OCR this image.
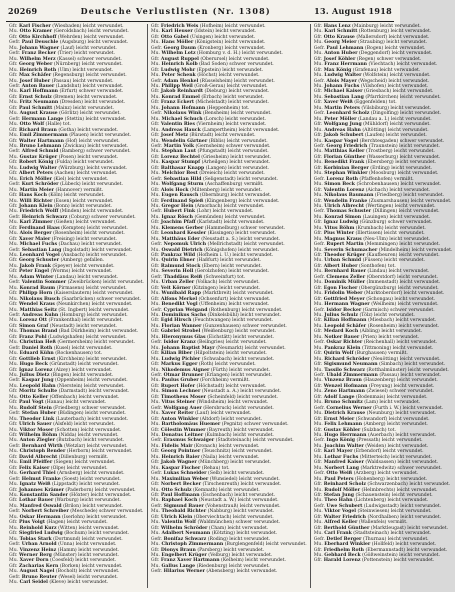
20269	Deutsche Verlustlisten (Nr. 1308)	13. August 1918
Gfr. Karl Fischer (Wiesbaden) leicht verwundet.
Mu. Otto Kramer (Geroldsbach) leicht verwundet.
Gfr. Otto Kirchhoff (Wehrden) leicht verwundet.
Gefr. Paul Deuschle (Augsburg) leicht verwundet.
Mu. Johann Wagner (Lauf) leicht verwundet.
Gefr. Franz Becker (Trier) leicht verwundet.
Mu. Wilhelm Merz (Kassel) schwer verwundet.
Gfr. Georg Weber (Nürnberg) leicht verwundet.
Mu. Heinrich Roth (Ulm) leicht verwundet.
Gfr. Max Schäfer (Regensburg) leicht verwundet.
Mu. Josef Huber (Passau) leicht verwundet.
Gefr. Anton Bauer (Landshut) leicht verwundet.
Mu. Karl Hoffmann (Erfurt) schwer verwundet.
Gfr. Ernst Schulz (Bremen) leicht verwundet.
Mu. Fritz Neumann (Dresden) leicht verwundet.
Gfr. Paul Schmitt (Mainz) leicht verwundet.
Mu. August Krause (Görlitz) leicht verwundet.
Gefr. Hermann Lange (Stettin) leicht verwundet.
Mu. Otto Wolf (Halle) tot.
Gfr. Richard Braun (Gotha) leicht verwundet.
Mu. Emil Zimmermann (Plauen) leicht verwundet.
Gfr. Walter Hartmann (Hof) leicht verwundet.
Mu. Bruno Lehmann (Zwickau) leicht verwundet.
Gefr. Alfred Schmid (Bamberg) schwer verwundet.
Mu. Gustav Krüger (Posen) leicht verwundet.
Gfr. Robert König (Fulda) leicht verwundet.
Mu. Ludwig Walter (Würzburg) leicht verwundet.
Gfr. Albert Peters (Aachen) leicht verwundet.
Mu. Erich Möller (Kiel) leicht verwundet.
Gefr. Kurt Schröder (Lübeck) leicht verwundet.
Mu. Martin Meier (Hannover) vermißt.
Gfr. Hans Koch (Köln) leicht verwundet.
Mu. Willi Richter (Essen) leicht verwundet.
Gfr. Johann Klein (Bonn) leicht verwundet.
Mu. Friedrich Wolff (Minden) leicht verwundet.
Gefr. Heinrich Schwarz (Coburg) schwer verwundet.
Mu. Karl Zimmer (Gießen) leicht verwundet.
Gfr. Ferdinand Haas (Kempten) leicht verwundet.
Mu. Alois Berger (Rosenheim) leicht verwundet.
Gfr. Xaver Maier (Freising) leicht verwundet.
Mu. Michael Fuchs (Dachau) leicht verwundet.
Gefr. Sebastian Lang (Ingolstadt) leicht verwundet.
Mu. Leonhard Vogel (Ansbach) leicht verwundet.
Gfr. Georg Schuster (Amberg) gefallen.
Mu. Jakob Frank (Speyer) leicht verwundet.
Gfr. Peter Engel (Worms) leicht verwundet.
Mu. Adam Winter (Landau) leicht verwundet.
Gefr. Valentin Sommer (Zweibrücken) leicht verwundet.
Mu. Konrad Baum (Pirmasens) leicht verwundet.
Gfr. Philipp Horn (Kaiserslautern) leicht verwundet.
Mu. Nikolaus Busch (Saarbrücken) schwer verwundet.
Gfr. Wendel Kraus (Neunkirchen) leicht verwundet.
Mu. Matthias Seitz (St. Ingbert) leicht verwundet.
Gefr. Andreas Kuhn (Homburg) leicht verwundet.
Mu. Lorenz Ott (Frankenthal) leicht verwundet.
Gfr. Simon Graf (Neustadt) leicht verwundet.
Mu. Thomas Brand (Bad Dürkheim) leicht verwundet.
Gfr. Franz Pohl (Ludwigshafen) leicht verwundet.
Mu. Christian Heß (Germersheim) leicht verwundet.
Gefr. Daniel Roth (Kusel) leicht verwundet.
Mu. Eduard Kühn (Rockenhausen) tot.
Gfr. Gottlieb Ernst (Kirchheim) leicht verwundet.
Mu. Hugo Beck (Grünstadt) leicht verwundet.
Gfr. Ignaz Lorenz (Alzey) leicht verwundet.
Mu. Julius Dietz (Bingen) leicht verwundet.
Gefr. Kaspar Jung (Oppenheim) leicht verwundet.
Mu. Leopold Hahn (Nierstein) leicht verwundet.
Gfr. Moritz Schulte (Darmstadt) leicht verwundet.
Mu. Otto Keller (Offenbach) leicht verwundet.
Gfr. Paul Vogt (Hanau) leicht verwundet.
Mu. Rudolf Stein (Friedberg) schwer verwundet.
Gefr. Stefan Huber (Büdingen) leicht verwundet.
Mu. Theodor Link (Lauterbach) leicht verwundet.
Gfr. Ulrich Sauer (Alsfeld) leicht verwundet.
Mu. Viktor Moser (Schotten) leicht verwundet.
Gfr. Wilhelm Böhm (Nidda) leicht verwundet.
Mu. Anton Ziegler (Butzbach) leicht verwundet.
Gefr. Bernhard Wirth (Wetzlar) leicht verwundet.
Mu. Christoph Bender (Herborn) leicht verwundet.
Gfr. David Albrecht (Dillenburg) vermißt.
Mu. Emil Pfeiffer (Siegen) leicht verwundet.
Gfr. Felix Kaiser (Olpe) leicht verwundet.
Mu. Gerhard Thiel (Arnsberg) leicht verwundet.
Gefr. Helmut Franke (Soest) leicht verwundet.
Mu. Ignatz Weiß (Lippstadt) leicht verwundet.
Gfr. Johannes Krämer (Paderborn) leicht verwundet.
Mu. Konstantin Sander (Höxter) leicht verwundet.
Gfr. Lothar Bauer (Warburg) leicht verwundet.
Mu. Manfred Oswald (Brilon) leicht verwundet.
Gefr. Norbert Schreiber (Meschede) schwer verwundet.
Mu. Oskar Hermann (Iserlohn) leicht verwundet.
Gfr. Pius Voigt (Hagen) leicht verwundet.
Mu. Reinhold Kurz (Witten) leicht verwundet.
Gfr. Siegfried Ludwig (Bochum) leicht verwundet.
Mu. Tobias Stark (Dortmund) leicht verwundet.
Gefr. Urban Arnold (Unna) leicht verwundet.
Mu. Vinzenz Heinz (Hamm) leicht verwundet.
Gfr. Werner Berg (Münster) leicht verwundet.
Mu. Xaver Dorn (Coesfeld) leicht verwundet.
Gfr. Zacharias Kern (Borken) leicht verwundet.
Mu. August Nagel (Bocholt) leicht verwundet.
Gefr. Bruno Reuter (Wesel) leicht verwundet.
Mu. Carl Seidel (Kleve) leicht verwundet.
Gfr. Friedrich Weis (Hofheim) leicht verwundet.
Mu. Karl Heuser (Idstein) leicht verwundet.
Gfr. Otto Gabel (Usingen) leicht verwundet.
Mu. Hans Möller (Königstein) leicht verwundet.
Gefr. Georg Daum (Kronberg) leicht verwundet.
Mu. Wilhelm Lotz (Homburg v. d. H.) leicht verwundet.
Gfr. August Ruppel (Oberursel) leicht verwundet.
Mu. Heinrich Kolb (Bad Soden) schwer verwundet.
Gfr. Ludwig Mohr (Eppstein) leicht verwundet.
Mu. Peter Schenk (Höchst) leicht verwundet.
Gefr. Adam Henkel (Rüsselsheim) leicht verwundet.
Mu. Philipp Weil (Groß-Gerau) leicht verwundet.
Gfr. Jakob Reinhardt (Dieburg) leicht verwundet.
Mu. Konrad Emmel (Erbach) leicht verwundet.
Gfr. Franz Eckert (Michelstadt) leicht verwundet.
Mu. Johann Hofmann (Heppenheim) tot.
Gefr. Nikolaus Wink (Bensheim) leicht verwundet.
Mu. Michael Schuch (Lorsch) leicht verwundet.
Gfr. Valentin Ries (Viernheim) leicht verwundet.
Mu. Andreas Hauck (Lampertheim) leicht verwundet.
Gfr. Josef Metz (Bürstadt) leicht verwundet.
Mu. Wendelin Gärtner (Biblis) leicht verwundet.
Gefr. Martin Volk (Gernsheim) schwer verwundet.
Mu. Stephan Laut (Pfungstadt) leicht verwundet.
Gfr. Lorenz Bechtel (Griesheim) leicht verwundet.
Mu. Kaspar Stumpf (Arheilgen) leicht verwundet.
Gfr. Balthasar Knapp (Langen) leicht verwundet.
Mu. Melchior Best (Dreieich) leicht verwundet.
Gefr. Sebastian Hild (Seligenstadt) leicht verwundet.
Mu. Wolfgang Sturm (Aschaffenburg) vermißt.
Gfr. Alois Hock (Miltenberg) leicht verwundet.
Mu. Eugen Rausch (Obernburg) leicht verwundet.
Gfr. Ferdinand Spieß (Klingenberg) leicht verwundet.
Mu. Gregor Hein (Amorbach) leicht verwundet.
Gefr. Hubert Fink (Lohr) leicht verwundet.
Mu. Ignaz Rösch (Gemünden) leicht verwundet.
Gfr. Joachim Pfaff (Karlstadt) leicht verwundet.
Mu. Klemens Gerber (Hammelburg) schwer verwundet.
Gfr. Leonhard Kessler (Kissingen) leicht verwundet.
Mu. Matthäus Eder (Neustadt a. S.) leicht verwundet.
Gefr. Nepomuk Ulrich (Mellrichstadt) leicht verwundet.
Mu. Oswald Dietrich (Königshofen) leicht verwundet.
Gfr. Pankraz Wild (Hofheim i. U.) leicht verwundet.
Mu. Quirin Ebner (Haßfurt) leicht verwundet.
Gfr. Raimund Stock (Ebern) leicht verwundet.
Mu. Severin Holl (Gerolzhofen) leicht verwundet.
Gefr. Thaddäus Reiß (Schweinfurt) tot.
Mu. Urban Zeller (Volkach) leicht verwundet.
Gfr. Veit Körner (Kitzingen) leicht verwundet.
Mu. Wunibald Rapp (Marktbreit) leicht verwundet.
Gfr. Alfons Merkel (Ochsenfurt) leicht verwundet.
Mu. Benedikt Vogl (Uffenheim) leicht verwundet.
Gefr. Cyprian Weigand (Rothenburg) leicht verwundet.
Mu. Dominikus Sachs (Dinkelsbühl) leicht verwundet.
Gfr. Egid Hirsch (Feuchtwangen) leicht verwundet.
Mu. Florian Wanner (Gunzenhausen) schwer verwundet.
Gfr. Gabriel Strobel (Weißenburg) leicht verwundet.
Mu. Hieronymus Glas (Eichstätt) leicht verwundet.
Gefr. Isidor Kranz (Beilngries) leicht verwundet.
Mu. Johann Baptist Mayr (Neumarkt) leicht verwundet.
Gfr. Kilian Biber (Hilpoltstein) leicht verwundet.
Mu. Ludwig Pichler (Schwabach) leicht verwundet.
Gfr. Markus Egger (Roth) leicht verwundet.
Mu. Nikodemus Aigner (Fürth) leicht verwundet.
Gefr. Otmar Brunner (Erlangen) leicht verwundet.
Mu. Paulus Gruber (Forchheim) vermißt.
Gfr. Rupert Hofer (Höchstadt) leicht verwundet.
Mu. Simon Lechner (Neustadt a. A.) leicht verwundet.
Gfr. Timotheus Moser (Scheinfeld) leicht verwundet.
Mu. Vitus Steiner (Windsheim) leicht verwundet.
Gefr. Wolfgang Auer (Hersbruck) leicht verwundet.
Mu. Xaver Reiter (Lauf) leicht verwundet.
Gfr. Anton Winkler (Altdorf) leicht verwundet.
Mu. Bartholomäus Huemer (Pegnitz) schwer verwundet.
Gfr. Cölestin Wimmer (Bayreuth) leicht verwundet.
Mu. Donatus Leitner (Kulmbach) leicht verwundet.
Gefr. Erasmus Schwaiger (Stadtsteinach) leicht verwundet.
Mu. Fidelis Mair (Kronach) leicht verwundet.
Gfr. Georg Pointner (Teuschnitz) leicht verwundet.
Mu. Heinrich Baier (Naila) leicht verwundet.
Gfr. Jakob Wagner (Münchberg) leicht verwundet.
Mu. Kaspar Fischer (Rehau) tot.
Gefr. Lukas Schneider (Selb) leicht verwundet.
Mu. Maximilian Weber (Wunsiedel) leicht verwundet.
Gfr. Norbert Becker (Tirschenreuth) leicht verwundet.
Mu. Otto Schulz (Kemnath) leicht verwundet.
Gfr. Paul Hoffmann (Eschenbach) leicht verwundet.
Mu. Raphael Koch (Neustadt a. W.) leicht verwundet.
Gefr. Sigmund Bauer (Vohenstrauß) leicht verwundet.
Mu. Theobald Richter (Nabburg) leicht verwundet.
Gfr. Ulrich Klein (Oberviechtach) leicht verwundet.
Mu. Valentin Wolf (Waldmünchen) schwer verwundet.
Gfr. Wilhelm Schröder (Cham) leicht verwundet.
Mu. Adalbert Neumann (Kötzting) leicht verwundet.
Gefr. Bonifaz Schwarz (Roding) leicht verwundet.
Mu. Christoph Zimmermann (Burglengenfeld) leicht verwundet.
Gfr. Dionys Braun (Parsberg) leicht verwundet.
Mu. Engelbert Krüger (Velburg) leicht verwundet.
Gfr. Franz Xaver Hartmann (Kelheim) leicht verwundet.
Mu. Gallus Lange (Riedenburg) leicht verwundet.
Gefr. Hilarius Werner (Abensberg) leicht verwundet.
Gfr. Hans Lenz (Mainburg) leicht verwundet.
Mu. Karl Schmitt (Rottenburg) leicht verwundet.
Gfr. Otto Krause (Mallersdorf) leicht verwundet.
Mu. Georg Meier (Straubing) leicht verwundet.
Gefr. Paul Lehmann (Bogen) leicht verwundet.
Mu. Anton Huber (Deggendorf) leicht verwundet.
Gfr. Josef Köhler (Regen) schwer verwundet.
Mu. Franz Herrmann (Viechtach) leicht verwundet.
Gfr. Max König (Grafenau) leicht verwundet.
Mu. Ludwig Walter (Wolfstein) leicht verwundet.
Gefr. Alois Mayer (Wegscheid) leicht verwundet.
Mu. Johann Fuchs (Vilshofen) leicht verwundet.
Gfr. Michael Kaiser (Griesbach) leicht verwundet.
Mu. Sebastian Lang (Pfarrkirchen) leicht verwundet.
Gfr. Xaver Weiß (Eggenfelden) tot.
Mu. Martin Peters (Vilsbiburg) leicht verwundet.
Gefr. Leonhard Scholz (Dingolfing) leicht verwundet.
Mu. Peter Möller (Landau a. I.) leicht verwundet.
Gfr. Wolfgang Jung (Mühldorf) leicht verwundet.
Mu. Andreas Hahn (Altötting) leicht verwundet.
Gfr. Jakob Schubert (Laufen) leicht verwundet.
Mu. Kaspar Vogel (Berchtesgaden) schwer verwundet.
Gefr. Georg Friedrich (Traunstein) leicht verwundet.
Mu. Matthias Keller (Trostberg) leicht verwundet.
Gfr. Florian Günther (Wasserburg) leicht verwundet.
Mu. Benedikt Frank (Ebersberg) leicht verwundet.
Gfr. Korbinian Berger (Erding) leicht verwundet.
Mu. Stephan Winkler (Moosburg) leicht verwundet.
Gefr. Lorenz Roth (Pfaffenhofen) vermißt.
Mu. Simon Beck (Schrobenhausen) leicht verwundet.
Gfr. Valentin Lorenz (Aichach) leicht verwundet.
Mu. Nikolaus Baumann (Friedberg) leicht verwundet.
Gfr. Wendelin Franke (Zusmarshausen) leicht verwundet.
Mu. Ulrich Albrecht (Wertingen) leicht verwundet.
Gefr. Thomas Schuster (Dillingen) leicht verwundet.
Mu. Konrad Simon (Lauingen) leicht verwundet.
Gfr. Ignaz Ludwig (Günzburg) schwer verwundet.
Mu. Vitus Böhm (Krumbach) leicht verwundet.
Gfr. Pius Winter (Illertissen) leicht verwundet.
Mu. Magnus Kraus (Neu-Ulm) leicht verwundet.
Gefr. Rupert Martin (Memmingen) leicht verwundet.
Mu. Severin Schumacher (Mindelheim) leicht verwundet.
Gfr. Theodor Krüger (Kaufbeuren) leicht verwundet.
Mu. Urban Schmid (Füssen) leicht verwundet.
Gfr. Albert Huber (Sonthofen) tot.
Mu. Bernhard Bauer (Lindau) leicht verwundet.
Gefr. Clemens Zeller (Oberstdorf) leicht verwundet.
Mu. Dominik Müller (Immenstadt) leicht verwundet.
Gfr. Egon Fischer (Obergünzburg) leicht verwundet.
Mu. Fridolin Weber (Marktoberdorf) leicht verwundet.
Gfr. Gottfried Meyer (Schongau) leicht verwundet.
Mu. Hermann Wagner (Weilheim) leicht verwundet.
Gefr. Isidor Becker (Garmisch) schwer verwundet.
Mu. Julius Schulz (Tölz) leicht verwundet.
Gfr. Kilian Hoffmann (Miesbach) leicht verwundet.
Mu. Leopold Schäfer (Rosenheim) leicht verwundet.
Gfr. Medard Koch (Aibling) leicht verwundet.
Mu. Notker Bauer (Prien) leicht verwundet.
Gefr. Oskar Richter (Reichenhall) leicht verwundet.
Mu. Pankraz Klein (Tittmoning) leicht verwundet.
Gfr. Quirin Wolf (Burghausen) vermißt.
Mu. Richard Schröder (Neuötting) leicht verwundet.
Gfr. Sigismund Neumann (Simbach) leicht verwundet.
Mu. Tassilo Schwarz (Rotthalmünster) leicht verwundet.
Gefr. Ubald Zimmermann (Passau) leicht verwundet.
Mu. Vinzenz Braun (Hauzenberg) leicht verwundet.
Gfr. Wenzel Hofmann (Freyung) leicht verwundet.
Mu. Zeno Hartmann (Zwiesel) schwer verwundet.
Gfr. Adolf Lange (Bodenmais) leicht verwundet.
Mu. Bruno Schmitz (Lam) leicht verwundet.
Gefr. Cornelius Werner (Furth i. W.) leicht verwundet.
Mu. Dietrich Krause (Neunburg) leicht verwundet.
Gfr. Ernst Meier (Schwandorf) leicht verwundet.
Mu. Felix Lehmann (Amberg) leicht verwundet.
Gfr. Gustav Köhler (Sulzbach) tot.
Mu. Hugo Herrmann (Auerbach) leicht verwundet.
Gefr. Ingo König (Pressath) leicht verwundet.
Mu. Joachim Walter (Weiden) leicht verwundet.
Gfr. Karl Mayer (Erbendorf) leicht verwundet.
Mu. Lothar Fuchs (Mitterteich) leicht verwundet.
Gfr. Manfred Kaiser (Waldsassen) leicht verwundet.
Mu. Norbert Lang (Marktredwitz) schwer verwundet.
Gefr. Otto Weiß (Arzberg) leicht verwundet.
Mu. Paul Peters (Hohenberg) leicht verwundet.
Gfr. Reinhard Scholz (Schwarzenbach) leicht verwundet.
Mu. Rudolf Möller (Helmbrechts) leicht verwundet.
Gfr. Stefan Jung (Schauenstein) leicht verwundet.
Mu. Theo Hahn (Lichtenberg) leicht verwundet.
Gefr. Uwe Schubert (Ludwigsstadt) leicht verwundet.
Mu. Viktor Vogel (Steinwiesen) leicht verwundet.
Gfr. Walter Friedrich (Nordhalben) leicht verwundet.
Mu. Alfred Keller (Wallenfels) vermißt.
Gfr. Berthold Günther (Marktleugast) leicht verwundet.
Mu. Carl Frank (Stadtsteinach) leicht verwundet.
Gefr. Detlef Berger (Thurnau) leicht verwundet.
Mu. Eberhard Winkler (Hollfeld) leicht verwundet.
Gfr. Friedhelm Roth (Ebermannstadt) leicht verwundet.
Mu. Gebhard Beck (Gößweinstein) leicht verwundet.
Gfr. Harald Lorenz (Pottenstein) leicht verwundet.
